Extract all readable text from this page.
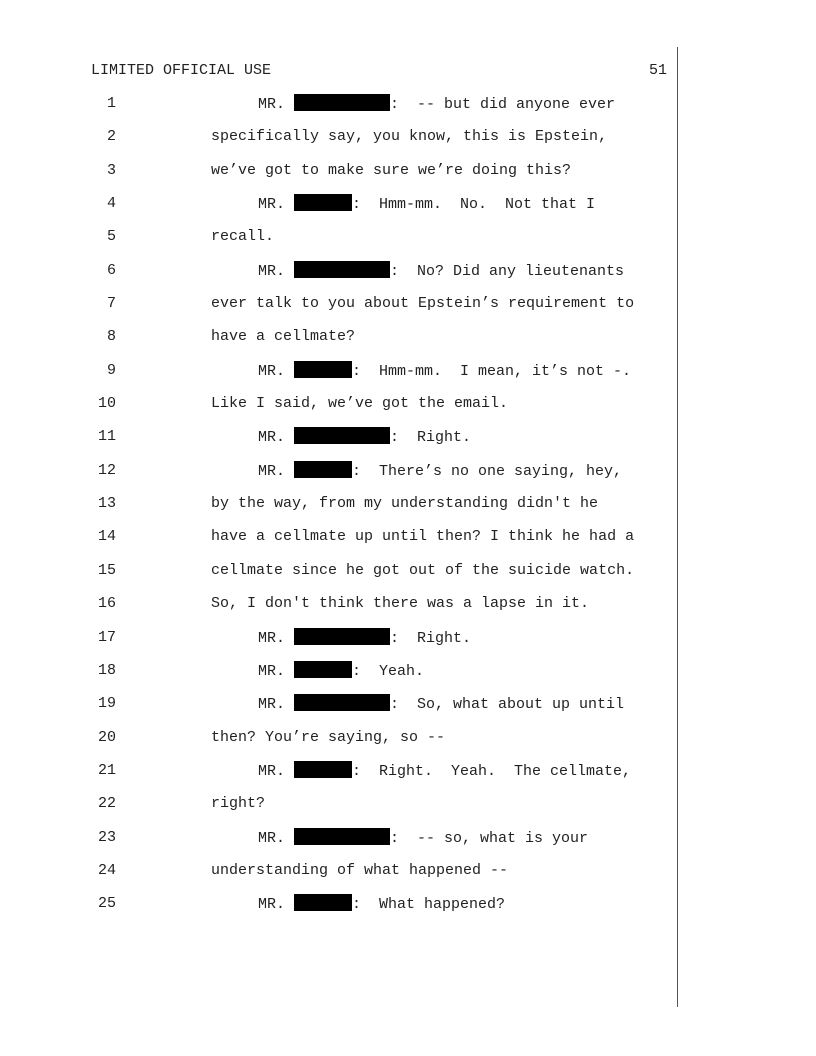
LIMITED OFFICIAL USE	51
1	MR.	:  -- but did anyone ever
2	specifically say, you know, this is Epstein,
3	we’ve got to make sure we’re doing this?
4	MR.	:  Hmm-mm.  No.  Not that I
5	recall.
6	MR.	:  No? Did any lieutenants
7	ever talk to you about Epstein’s requirement to
8	have a cellmate?
9	MR.	:  Hmm-mm.  I mean, it’s not -.
10	Like I said, we’ve got the email.
11	MR.	:  Right.
12	MR.	:  There’s no one saying, hey,
13	by the way, from my understanding didn't he
14	have a cellmate up until then? I think he had a
15	cellmate since he got out of the suicide watch.
16	So, I don't think there was a lapse in it.
17	MR.	:  Right.
18	MR.	:  Yeah.
19	MR.	:  So, what about up until
20	then? You’re saying, so --
21	MR.	:  Right.  Yeah.  The cellmate,
22	right?
23	MR.	:  -- so, what is your
24	understanding of what happened --
25	MR.	:  What happened?
